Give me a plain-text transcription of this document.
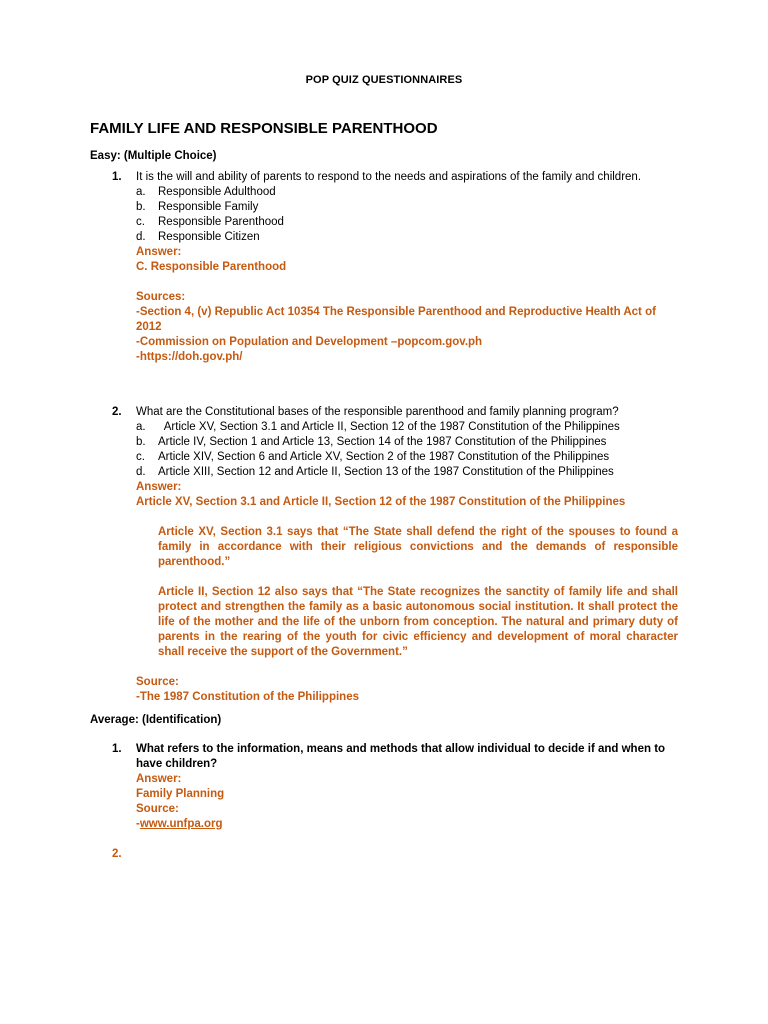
POP QUIZ QUESTIONNAIRES
FAMILY LIFE AND RESPONSIBLE PARENTHOOD
Easy: (Multiple Choice)
1. It is the will and ability of parents to respond to the needs and aspirations of the family and children.
a.	Responsible Adulthood
b.	Responsible Family
c.	Responsible Parenthood
d.	Responsible Citizen
Answer:
C. Responsible Parenthood
Sources:
-Section 4, (v) Republic Act 10354 The Responsible Parenthood and Reproductive Health Act of 2012
-Commission on Population and Development –popcom.gov.ph
-https://doh.gov.ph/
2. What are the Constitutional bases of the responsible parenthood and family planning program?
a.	Article XV, Section 3.1 and Article II, Section 12 of the 1987 Constitution of the Philippines
b.	Article IV, Section 1 and Article 13, Section 14 of the 1987 Constitution of the Philippines
c.	Article XIV, Section 6 and Article XV, Section 2 of the 1987 Constitution of the Philippines
d.	Article XIII, Section 12 and Article II, Section 13 of the 1987 Constitution of the Philippines
Answer:
Article XV, Section 3.1 and Article II, Section 12 of the 1987 Constitution of the Philippines
Article XV, Section 3.1 says that “The State shall defend the right of the spouses to found a family in accordance with their religious convictions and the demands of responsible parenthood.”
Article II, Section 12 also says that “The State recognizes the sanctity of family life and shall protect and strengthen the family as a basic autonomous social institution. It shall protect the life of the mother and the life of the unborn from conception. The natural and primary duty of parents in the rearing of the youth for civic efficiency and development of moral character shall receive the support of the Government.”
Source:
-The 1987 Constitution of the Philippines
Average: (Identification)
1. What refers to the information, means and methods that allow individual to decide if and when to have children?
Answer:
Family Planning
Source:
-www.unfpa.org
2.
